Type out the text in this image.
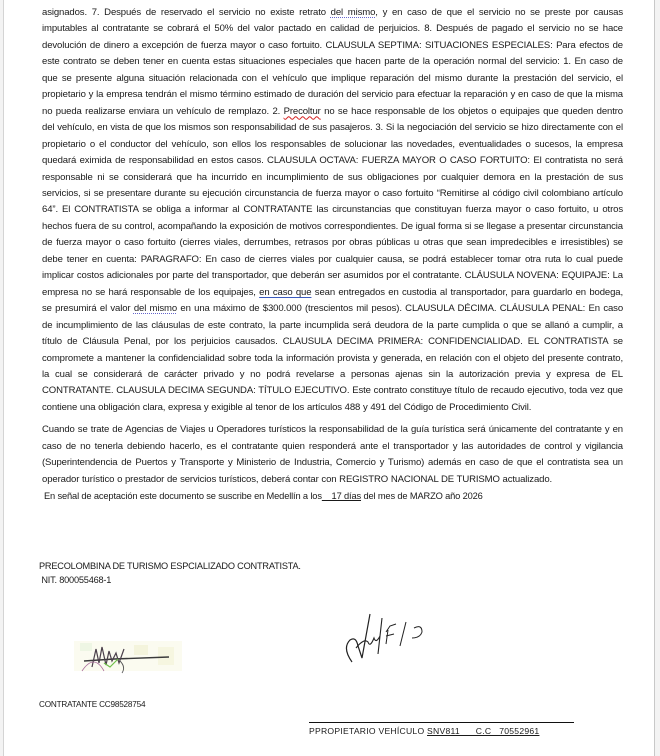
asignados. 7. Después de reservado el servicio no existe retrato del mismo, y en caso de que el servicio no se preste por causas imputables al contratante se cobrará el 50% del valor pactado en calidad de perjuicios. 8. Después de pagado el servicio no se hace devolución de dinero a excepción de fuerza mayor o caso fortuito. CLAUSULA SEPTIMA: SITUACIONES ESPECIALES: Para efectos de este contrato se deben tener en cuenta estas situaciones especiales que hacen parte de la operación normal del servicio: 1. En caso de que se presente alguna situación relacionada con el vehículo que implique reparación del mismo durante la prestación del servicio, el propietario y la empresa tendrán el mismo término estimado de duración del servicio para efectuar la reparación y en caso de que la misma no pueda realizarse enviara un vehículo de remplazo. 2. Precoltur no se hace responsable de los objetos o equipajes que queden dentro del vehículo, en vista de que los mismos son responsabilidad de sus pasajeros. 3. Si la negociación del servicio se hizo directamente con el propietario o el conductor del vehículo, son ellos los responsables de solucionar las novedades, eventualidades o sucesos, la empresa quedará eximida de responsabilidad en estos casos. CLAUSULA OCTAVA: FUERZA MAYOR O CASO FORTUITO: El contratista no será responsable ni se considerará que ha incurrido en incumplimiento de sus obligaciones por cualquier demora en la prestación de sus servicios, si se presentare durante su ejecución circunstancia de fuerza mayor o caso fortuito “Remitirse al código civil colombiano artículo 64”. El CONTRATISTA se obliga a informar al CONTRATANTE las circunstancias que constituyan fuerza mayor o caso fortuito, u otros hechos fuera de su control, acompañando la exposición de motivos correspondientes. De igual forma si se llegase a presentar circunstancia de fuerza mayor o caso fortuito (cierres viales, derrumbes, retrasos por obras públicas u otras que sean impredecibles e irresistibles) se debe tener en cuenta: PARAGRAFO: En caso de cierres viales por cualquier causa, se podrá establecer tomar otra ruta lo cual puede implicar costos adicionales por parte del transportador, que deberán ser asumidos por el contratante. CLÁUSULA NOVENA: EQUIPAJE: La empresa no se hará responsable de los equipajes, en caso que sean entregados en custodia al transportador, para guardarlo en bodega, se presumirá el valor del mismo en una máximo de $300.000 (trescientos mil pesos). CLAUSULA DÉCIMA. CLÁUSULA PENAL: En caso de incumplimiento de las cláusulas de este contrato, la parte incumplida será deudora de la parte cumplida o que se allanó a cumplir, a título de Cláusula Penal, por los perjuicios causados. CLAUSULA DECIMA PRIMERA: CONFIDENCIALIDAD. EL CONTRATISTA se compromete a mantener la confidencialidad sobre toda la información provista y generada, en relación con el objeto del presente contrato, la cual se considerará de carácter privado y no podrá revelarse a personas ajenas sin la autorización previa y expresa de EL CONTRATANTE. CLAUSULA DECIMA SEGUNDA: TÍTULO EJECUTIVO. Este contrato constituye título de recaudo ejecutivo, toda vez que contiene una obligación clara, expresa y exigible al tenor de los artículos 488 y 491 del Código de Procedimiento Civil.

Cuando se trate de Agencias de Viajes u Operadores turísticos la responsabilidad de la guía turística será únicamente del contratante y en caso de no tenerla debiendo hacerlo, es el contratante quien responderá ante el transportador y las autoridades de control y vigilancia (Superintendencia de Puertos y Transporte y Ministerio de Industria, Comercio y Turismo) además en caso de que el contratista sea un operador turístico o prestador de servicios turísticos, deberá contar con REGISTRO NACIONAL DE TURISMO actualizado.

En señal de aceptación este documento se suscribe en Medellín a los    17 días del mes de MARZO año 2026
PRECOLOMBINA DE TURISMO ESPCIALIZADO CONTRATISTA.
NIT. 800055468-1
CONTRATANTE CC98528754
PPROPIETARIO VEHÍCULO SNV811      C.C   70552961
